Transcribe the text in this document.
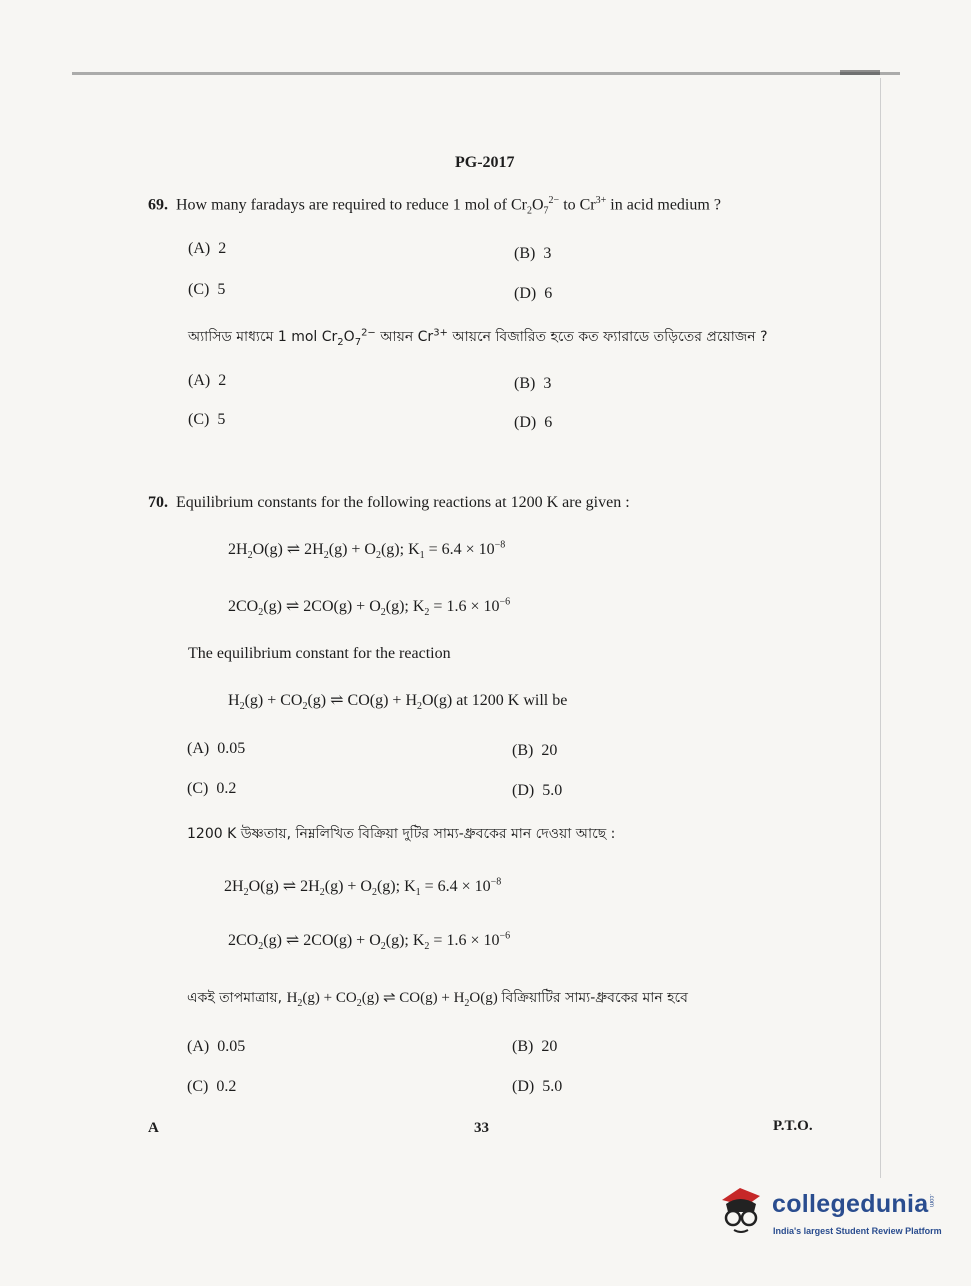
PG-2017
69. How many faradays are required to reduce 1 mol of $Cr_2O_7^{2-}$ to $Cr^{3+}$ in acid medium ?
(A) 2	(B) 3
(C) 5	(D) 6
অ্যাসিড মাধ্যমে 1 mol $Cr_2O_7^{2-}$ আয়ন $Cr^{3+}$ আয়নে বিজারিত হতে কত ফ্যারাডে তড়িতের প্রয়োজন ?
(A) 2	(B) 3
(C) 5	(D) 6
70. Equilibrium constants for the following reactions at 1200 K are given :
$2H_2O(g)$ ⇌ $2H_2(g) + O_2(g)$; $K_1 = 6.4 \times 10^{-8}$
$2CO_2(g)$ ⇌ $2CO(g) + O_2(g)$; $K_2 = 1.6 \times 10^{-6}$
The equilibrium constant for the reaction
$H_2(g) + CO_2(g)$ ⇌ $CO(g) + H_2O(g)$ at 1200 K will be
(A) 0.05	(B) 20
(C) 0.2	(D) 5.0
1200 K উষ্ণতায়, নিম্নলিখিত বিক্রিয়া দুটির সাম্য-ধ্রুবকের মান দেওয়া আছে :
$2H_2O(g)$ ⇌ $2H_2(g) + O_2(g)$; $K_1 = 6.4 \times 10^{-8}$
$2CO_2(g)$ ⇌ $2CO(g) + O_2(g)$; $K_2 = 1.6 \times 10^{-6}$
একই তাপমাত্রায়, $H_2(g) + CO_2(g)$ ⇌ $CO(g) + H_2O(g)$ বিক্রিয়াটির সাম্য-ধ্রুবকের মান হবে
(A) 0.05	(B) 20
(C) 0.2	(D) 5.0
A	33	P.T.O.
collegedunia .com
India's largest Student Review Platform
